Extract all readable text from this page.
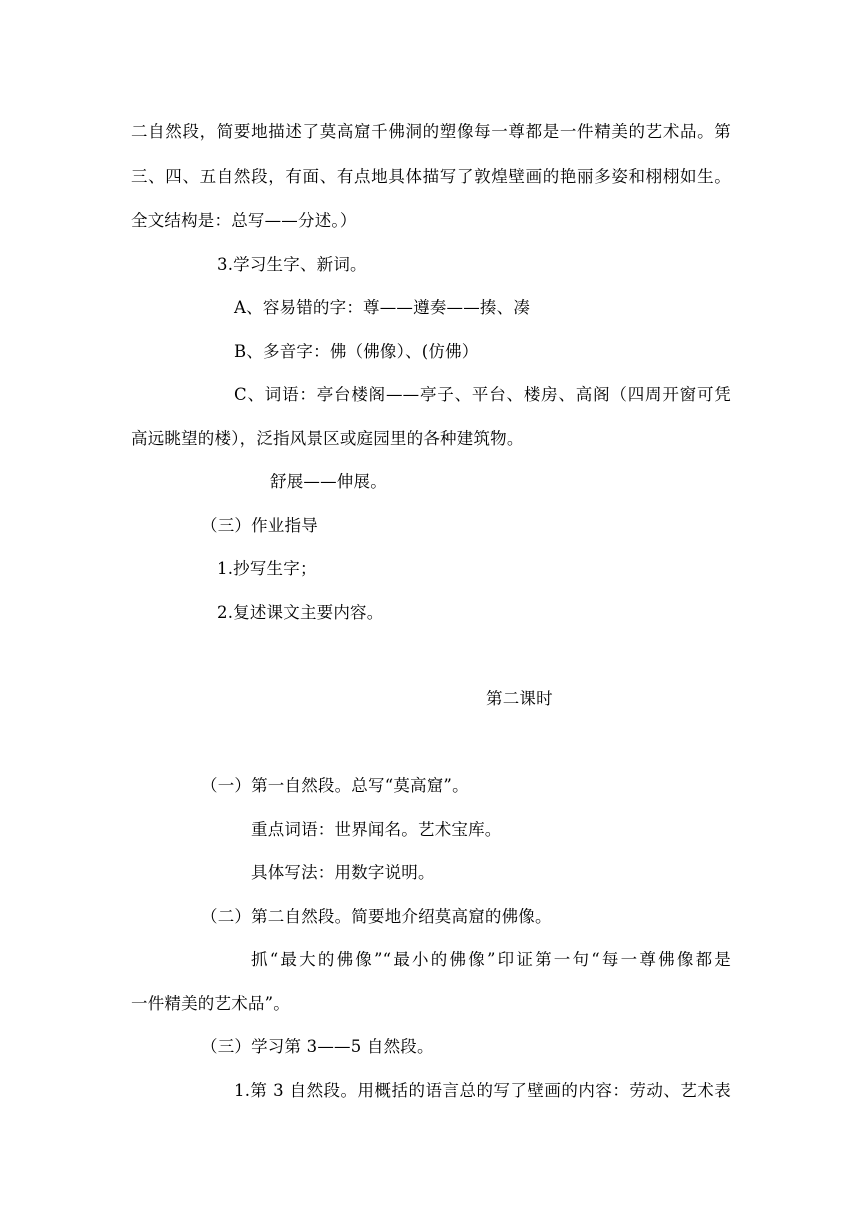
二自然段，简要地描述了莫高窟千佛洞的塑像每一尊都是一件精美的艺术品。第
三、四、五自然段，有面、有点地具体描写了敦煌壁画的艳丽多姿和栩栩如生。
全文结构是：总写——分述。）
3.学习生字、新词。
A、容易错的字：尊——遵奏——揍、凑
B、多音字：佛（佛像）、(仿佛）
C、词语：亭台楼阁——亭子、平台、楼房、高阁（四周开窗可凭
高远眺望的楼），泛指风景区或庭园里的各种建筑物。
舒展——伸展。
（三）作业指导
1.抄写生字；
2.复述课文主要内容。
第二课时
（一）第一自然段。总写“莫高窟”。
重点词语：世界闻名。艺术宝库。
具体写法：用数字说明。
（二）第二自然段。简要地介绍莫高窟的佛像。
抓“最大的佛像”“最小的佛像”印证第一句“每一尊佛像都是
一件精美的艺术品”。
（三）学习第 3——5 自然段。
1.第 3 自然段。用概括的语言总的写了壁画的内容：劳动、艺术表
